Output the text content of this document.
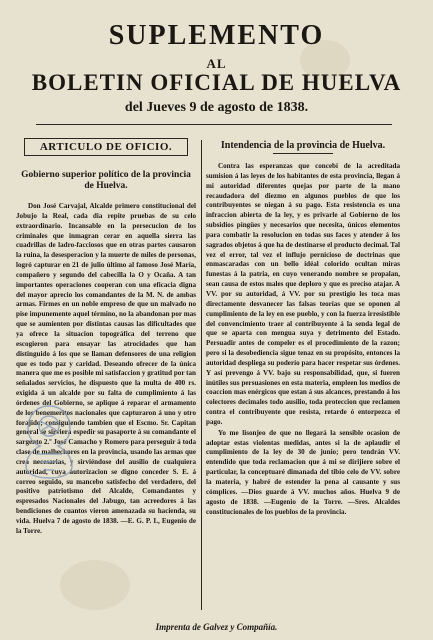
SUPLEMENTO
AL
BOLETIN OFICIAL DE HUELVA
del Jueves 9 de agosto de 1838.
ARTICULO DE OFICIO.
Gobierno superior político de la provincia de Huelva.

Don José Carvajal, Alcalde primero constitucional del Jobujo la Real, cada dia repite pruebas de su celo extraordinario. Incansable en la persecucion de los criminales que inmagran cerar en aquella sierra las cuadrillas de ladro-facciosos que en otras partes causaron la ruina, la desesperacion y la muerte de miles de personas, logró capturar en 21 de julio último al famoso José María, compañero y segundo del cabecilla la O y Ocaña. A tan importantes operaciones cooperan con una eficacia digna del mayor aprecio los comandantes de la M. N. de ambas armas. Firmes en un noble empreso de que un malvado no pise impunemente aquel término, no la abandonan por mas que se aumienten por distintas causas las dificultades que ya ofrece la situacion topográfica del terreno que escogieron para ensayar las atrocidades que han distinguido á los que se llaman defensores de una religion que es todo paz y caridad. Deseando ofrecer de la única manera que me es posible mi satisfaccion y gratitud por tan señalados servicios, he dispuesto que la multa de 400 rs. exigida á un alcalde por su falta de cumplimiento á las órdenes del Gobierno, se aplique á reparar el armamento de los benemeritos nacionales que capturaron á uno y otro forajido; consiguiendo tambien que el Escmo. Sr. Capitan general se sirviera espedir su pasaporte á su comandante el sargento 2.º José Camacho y Romero para perseguir á toda clase de malhechores en la provincia, usando las armas que crea necesarias, y sirviéndose del ausilio de cualquiera autoridad, cuya autorizacion se digno conceder S. E. á correo seguido, su mancebo satisfecho del verdadero, del positivo patriotismo del Alcalde, Comandantes y espresados Nacionales del Jabugo, tan acreedores á las bendiciones de cuantos vieron amenazada su hacienda, su vida. Huelva 7 de agosto de 1838. —E. G. P. I., Eugenio de la Torre.

Intendencia de la provincia de Huelva.

Contra las esperanzas que concebí de la acreditada sumision á las leyes de los habitantes de esta provincia, llegan á mi autoridad diferentes quejas por parte de la mano recaudadora del diezmo en algunos pueblos de que los contribuyentes se niegan á su pago. Esta resistencia es una infraccion abierta de la ley, y es privarle al Gobierno de los subsidios pingües y necesarios que necesita, únicos elementos para combatir la resolucion en todas sus faces y atender á los sagrados objetos á que ha de destinarse el producto decimal. Tal vez el error, tal vez el influjo pernicioso de doctrinas que enmascaradas con un bello idéal colorido ocultan miras funestas á la patria, en cuyo venerando nombre se propalan, sean causa de estos males que deploro y que es preciso atajar. A VV. por su autoridad, á VV. por su prestigio les toca mas directamente desvanecer las falsas teorías que se oponen al cumplimiento de la ley en ese pueblo, y con la fuerza irresistible del convencimiento traer al contribuyente á la senda legal de que se aparta con mengua suya y detrimento del Estado. Persuadir antes de compeler es el procedimiento de la razon; pero si la desobediencia sigue tenaz en su propósito, entonces la autoridad despliega su poderío para hacer respetar sus órdenes. Y así prevengo á VV. bajo su responsabilidad, que, si fueren inútiles sus persuasiones en esta materia, empleen los medios de coaccion mas enérgicos que estan á sus alcances, prestando á los colectores decimales todo ausilio, toda proteccion que reclamen contra el contribuyente que resista, retarde ó entorpezca el pago.

Yo me lisonjeo de que no llegará la sensible ocasion de adoptar estas violentas medidas, antes si la de aplaudir el cumplimiento de la ley de 30 de junio; pero tendrán VV. entendido que toda reclamacion que á mi se dirijiere sobre el particular, la conceptuaré dimanada del tibio celo de VV. sobre la materia, y habré de estender la pena al causante y sus cómplices. —Dios guarde á VV. muchos años. Huelva 9 de agosto de 1838. —Eugenio de la Torre. —Sres. Alcaldes constitucionales de los pueblos de la provincia.

Imprenta de Galvez y Compañía.
